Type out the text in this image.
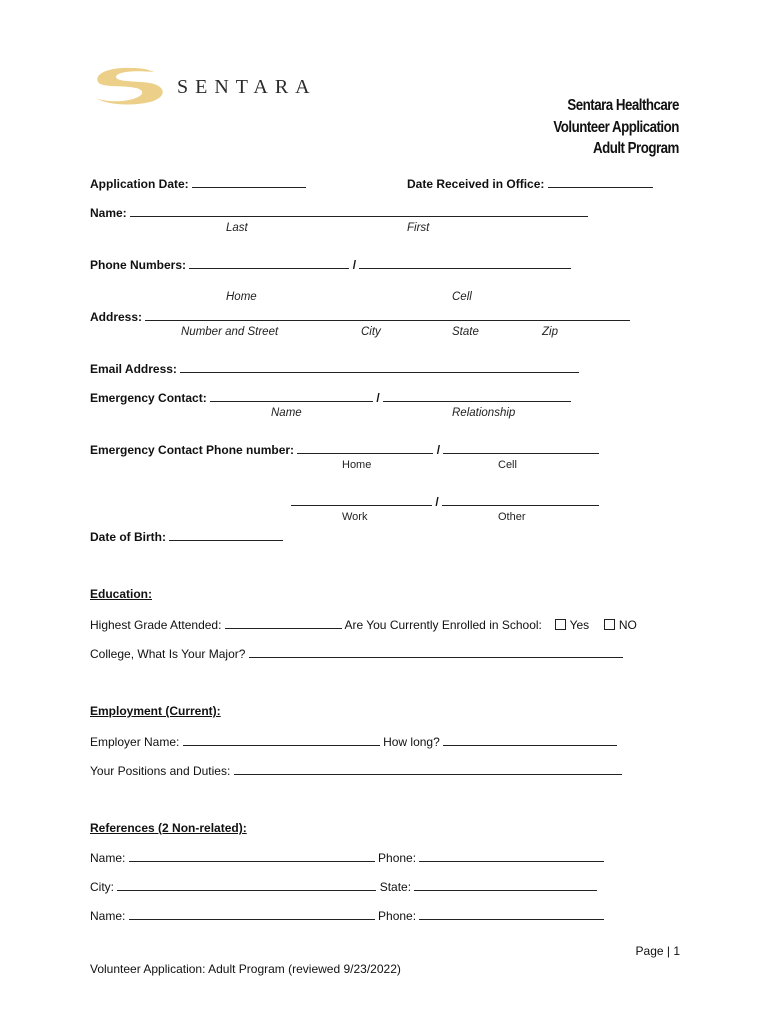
SENTARA
Sentara Healthcare
Volunteer Application
Adult Program
Application Date:	Date Received in Office:
Name:
Last	First
Phone Numbers:	/
Home	Cell
Address:
Number and Street	City	State	Zip
Email Address:
Emergency Contact:	/
Name	Relationship
Emergency Contact Phone number:	/
Home	Cell
/
Work	Other
Date of Birth:
Education:
Highest Grade Attended:	Are You Currently Enrolled in School: Yes NO
College, What Is Your Major?
Employment (Current):
Employer Name:	How long?
Your Positions and Duties:
References (2 Non-related):
Name:	Phone:
City:	State:
Name:	Phone:
Page | 1
Volunteer Application: Adult Program (reviewed 9/23/2022)
